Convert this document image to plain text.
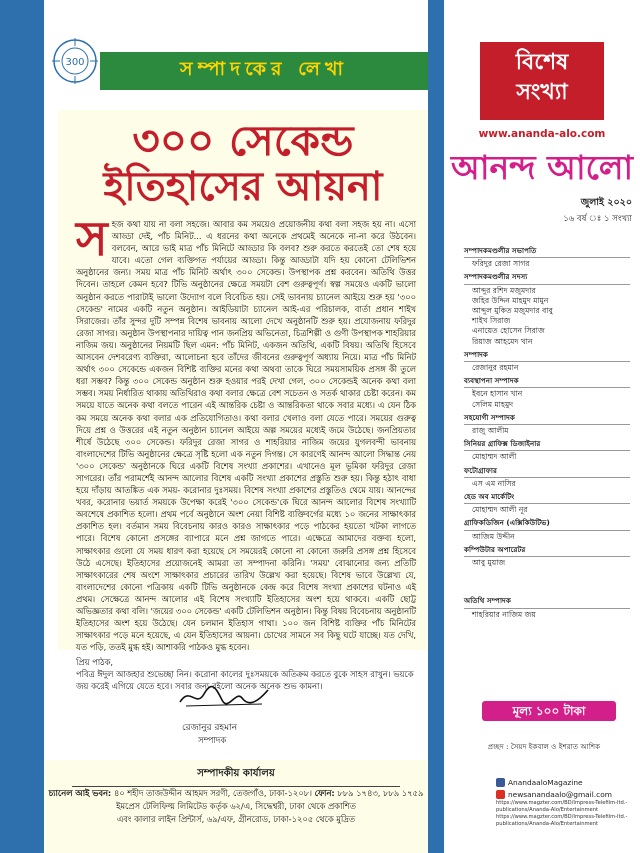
300	সম্পাদকের লেখা
৩০০ সেকেন্ড
ইতিহাসের আয়না
সহজ কথা যায় না বলা সহজে। আবার কম সময়েও প্রয়োজনীয় কথা বলা সহজ হয় না। এসো আড্ডা দেই, পাঁচ মিনিট... এ ধরনের কথা অনেকে প্রথমেই অনেকে না-না করে উঠবেন। বলবেন, আরে ভাই মাত্র পাঁচ মিনিটে আড্ডার কি বলব? শুরু করতে করতেই তো শেষ হয়ে যাবে। এতো গেল ব্যক্তিগত পর্যায়ের আড্ডা। কিন্তু আড্ডাটা যদি হয় কোনো টেলিভিশন অনুষ্ঠানের জন্য। সময় মাত্র পাঁচ মিনিট অর্থাৎ ৩০০ সেকেন্ড। উপস্থাপক প্রশ্ন করবেন। অতিথি উত্তর দিবেন। তাহলে কেমন হবে? টিভি অনুষ্ঠানের ক্ষেত্রে সময়টা বেশ গুরুত্বপূর্ণ। স্বল্প সময়েও একটি ভালো অনুষ্ঠান করতে পারাটাই ভালো উদ্যোগ বলে বিবেচিত হয়। সেই ভাবনায় চ্যানেল আইয়ে শুরু হয় '৩০০ সেকেন্ড' নামের একটি নতুন অনুষ্ঠান। আইডিয়াটা চ্যানেল আই-এর পরিচালক, বার্তা প্রধান শাইখ সিরাজের। তাঁর সুন্দর দুটি সম্পন্ন বিশেষ ভাবনায় আলো দেখে অনুষ্ঠানটি শুরু হয়। প্রযোজনায় ফরিদুর রেজা সাগর। অনুষ্ঠান উপস্থাপনার দায়িত্ব পান জনপ্রিয় অভিনেতা, চিত্রশিল্পী ও গুণী উপস্থাপক শাহরিয়ার নাজিম জয়। অনুষ্ঠানের নিয়মটি ছিল এমন: পাঁচ মিনিট, একজন অতিথি, একটি বিষয়। অতিথি হিসেবে আসবেন দেশবরেণ্য ব্যক্তিরা, আলোচনা হবে তাঁদের জীবনের গুরুত্বপূর্ণ অধ্যায় নিয়ে। মাত্র পাঁচ মিনিট অর্থাৎ ৩০০ সেকেন্ডে একজন বিশিষ্ট ব্যক্তির মনের কথা অথবা তাকে ঘিরে সময়সাময়িক প্রসঙ্গ কী তুলে ধরা সম্ভব? কিন্তু ৩০০ সেকেন্ড অনুষ্ঠান শুরু হওয়ার পরই দেখা গেল, ৩০০ সেকেন্ডই অনেক কথা বলা সম্ভব। সময় নির্ধারিত থাকায় অতিথিরাও কথা বলার ক্ষেত্রে বেশ সচেতন ও সতর্ক থাকার চেষ্টা করেন। কম সময়ে যাতে অনেক কথা বলতে পারেন এই আন্তরিক চেষ্টা ও আন্তরিকতা থাকে সবার মধ্যে। এ যেন ঠিক কম সময়ে অনেক কথা বলার এক প্রতিযোগিতাও। কথা বলার খেলাও বলা যেতে পারে। সময়ের গুরুত্ব দিয়ে প্রশ্ন ও উত্তরের এই নতুন অনুষ্ঠান চ্যানেল আইয়ে অল্প সময়ের মধ্যেই জমে উঠেছে। জনপ্রিয়তার শীর্ষে উঠেছে ৩০০ সেকেন্ড। ফরিদুর রেজা সাগর ও শাহরিয়ার নাজিম জয়ের যুগলবন্দী ভাবনায় বাংলাদেশের টিভি অনুষ্ঠানের ক্ষেত্রে সৃষ্টি হলো এক নতুন দিগন্ত। সে কারণেই আনন্দ আলো সিদ্ধান্ত নেয় '৩০০ সেকেন্ড' অনুষ্ঠানকে ঘিরে একটি বিশেষ সংখ্যা প্রকাশের। এখানেও মূল ভূমিকা ফরিদুর রেজা সাগরের। তাঁর পরামর্শেই আনন্দ আলোর বিশেষ একটি সংখ্যা প্রকাশের প্রস্তুতি শুরু হয়। কিন্তু হঠাৎ বাধা হয়ে দাঁড়ায় আতঙ্কিত এক সময়- করোনার দুঃসময়। বিশেষ সংখ্যা প্রকাশের প্রস্তুতিও থেমে যায়। আনন্দের খবর, করোনার ভয়ার্ত সময়কে উপেক্ষা করেই '৩০০ সেকেন্ড'কে ঘিরে আনন্দ আলোর বিশেষ সংখ্যাটি অবশেষে প্রকাশিত হলো। প্রথম পর্বে অনুষ্ঠানে অংশ নেয়া বিশিষ্ট ব্যক্তিবর্গের মধ্যে ১০ জনের সাক্ষাৎকার প্রকাশিত হল। বর্তমান সময় বিবেচনায় কারও কারও সাক্ষাৎকার পড়ে পাঠকের হয়তো খটকা লাগতে পারে। বিশেষ কোনো প্রসঙ্গের ব্যাপারে মনে প্রশ্ন জাগতে পারে। এক্ষেত্রে আমাদের বক্তব্য হলো, সাক্ষাৎকার গুলো যে সময় ধারণ করা হয়েছে সে সময়েরই কোনো না কোনো জরুরি প্রসঙ্গ প্রশ্ন হিসেবে উঠে এসেছে। ইতিহাসের প্রয়োজনেই আমরা তা সম্পাদনা করিনি। 'সময়' বোঝানোর জন্য প্রতিটি সাক্ষাৎকারের শেষ অংশে সাক্ষাৎকার প্রচারের তারিখ উল্লেখ করা হয়েছে। বিশেষ ভাবে উল্লেখ্য যে, বাংলাদেশের কোনো পত্রিকায় একটি টিভি অনুষ্ঠানকে কেন্দ্র করে বিশেষ সংখ্যা প্রকাশের ঘটনাও এই প্রথম। সেক্ষেত্রে আনন্দ আলোর এই বিশেষ সংখ্যাটি ইতিহাসের অংশ হয়ে থাকবে। একটি ছোট্ট অভিজ্ঞতার কথা বলি। 'জয়ের ৩০০ সেকেন্ড' একটি টেলিভিশন অনুষ্ঠান। কিন্তু বিষয় বিবেচনায় অনুষ্ঠানটি ইতিহাসের অংশ হয়ে উঠেছে। যেন চলমান ইতিহাস গাথা। ১০০ জন বিশিষ্ট ব্যক্তির পাঁচ মিনিটের সাক্ষাৎকার পড়ে মনে হয়েছে, এ যেন ইতিহাসের আয়না। চোখের সামনে সব কিছু ঘটে যাচ্ছে। যত দেখি, যত পড়ি, ততই মুগ্ধ হই। আশাকরি পাঠকও মুগ্ধ হবেন।
প্রিয় পাঠক,
পবিত্র ঈদুল আজহার শুভেচ্ছা নিন। করোনা কালের দুঃসময়কে অতিক্রম করতে বুকে সাহস রাখুন। ভয়কে জয় করেই এগিয়ে যেতে হবে। সবার জন্য রইলো অনেক অনেক শুভ কামনা।
রেজানুর রহমান
সম্পাদক
সম্পাদকীয় কার্যালয়
চ্যানেল আই ভবন: ৪০ শহীদ তাজউদ্দীন আহমদ সরণী, তেজগাঁও, ঢাকা-১২০৮। ফোন: ৮৮৯ ১৭৪৩, ৮৮৯ ১৭৫৯
ইমপ্রেস টেলিফিল্ম লিমিটেড কর্তৃক ৬২/এ, সিদ্ধেশ্বরী, ঢাকা থেকে প্রকাশিত
এবং কালার লাইন প্রিন্টার্স, ৬৯/এফ, গ্রীনরোড, ঢাকা-১২০৫ থেকে মুদ্রিত
বিশেষ
সংখ্যা
www.ananda-alo.com
আনন্দ আলো
জুলাই ২০২০
১৬ বর্ষ ঃ ১ সংখ্যা
সম্পাদকমণ্ডলীর সভাপতি
ফরিদুর রেজা সাগর
সম্পাদকমণ্ডলীর সদস্য
আব্দুর রশিদ মজুমদার
জহির উদ্দিন মাহমুদ মামুন
আব্দুল মুকিত মজুমদার বাবু
শাইখ সিরাজ
এনায়েত হোসেন সিরাজ
রিয়াজ আহমেদ খান
সম্পাদক
রেজানুর রহমান
ব্যবস্থাপনা সম্পাদক
ইবনে হাসান খান
সেলিম মাহমুদ
সহযোগী সম্পাদক
রাজু আলীম
সিনিয়র গ্রাফিক্স ডিজাইনার
মোহাম্মদ আলী
ফটোগ্রাফার
এস এম নাসির
হেড অব মার্কেটিং
মোহাম্মদ আলী নূর
গ্রাফিকডিজিন (এক্সিকিউটিভ)
আজিম উদ্দীন
কম্পিউটার অপারেটর
আবু মুয়াজ
অতিথি সম্পাদক
শাহরিয়ার নাজিম জয়
মূল্য ১০০ টাকা
প্রচ্ছদ : সৈয়দ ইকবাল ও ইশরাত আশিক
AnandaaloMagazine
newsanandaalo@gmail.com
https://www.magzter.com/BD/Impress-Telefilm-ltd.-publications/Ananda-Alo/Entertainment
https://www.magzter.com/BD/Impress-Telefilm-ltd.-publications/Ananda-Alo/Entertainment
